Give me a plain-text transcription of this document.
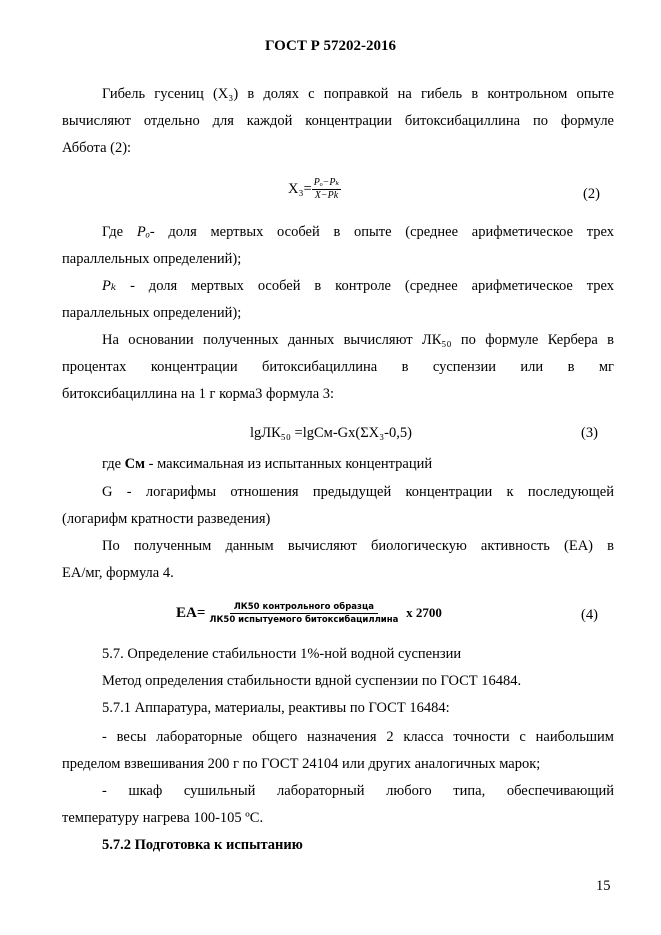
ГОСТ Р 57202-2016
Гибель гусениц (Х₃) в долях с поправкой на гибель в контрольном опыте
вычисляют отдельно для каждой концентрации битоксибациллина по формуле
Аббота (2):
$Х_3= \frac{\text{Pₒ−Pₖ}}{X-Pk}$	(2)
Где Pₒ- доля мертвых особей в опыте (среднее арифметическое трех
параллельных определений);
Pₖ - доля мертвых особей в контроле (среднее арифметическое трех
параллельных определений);
На основании полученных данных вычисляют ЛК₅₀ по формуле Кербера в
процентах концентрации битоксибациллина в суспензии или в мг
битоксибациллина на 1 г корма3 формула 3:
lgЛК₅₀ =lgCм-Gx(ΣХ₃-0,5)	(3)
где См - максимальная из испытанных концентраций
G - логарифмы отношения предыдущей концентрации к последующей
(логарифм кратности разведения)
По полученным данным вычисляют биологическую активность (ЕА) в
ЕА/мг, формула 4.
$ЕА= \frac{\text{ЛК50 контрольного образца}}{\text{ЛК50 испытуемого битоксибациллина}}$ x 2700	(4)
5.7. Определение стабильности 1%-ной водной суспензии
Метод определения стабильности вдной суспензии по ГОСТ 16484.
5.7.1 Аппаратура, материалы, реактивы по ГОСТ 16484:
- весы лабораторные общего назначения 2 класса точности с наибольшим
пределом взвешивания 200 г по ГОСТ 24104 или других аналогичных марок;
- шкаф сушильный лабораторный любого типа, обеспечивающий
температуру нагрева 100-105 ºС.
5.7.2 Подготовка к испытанию
15
